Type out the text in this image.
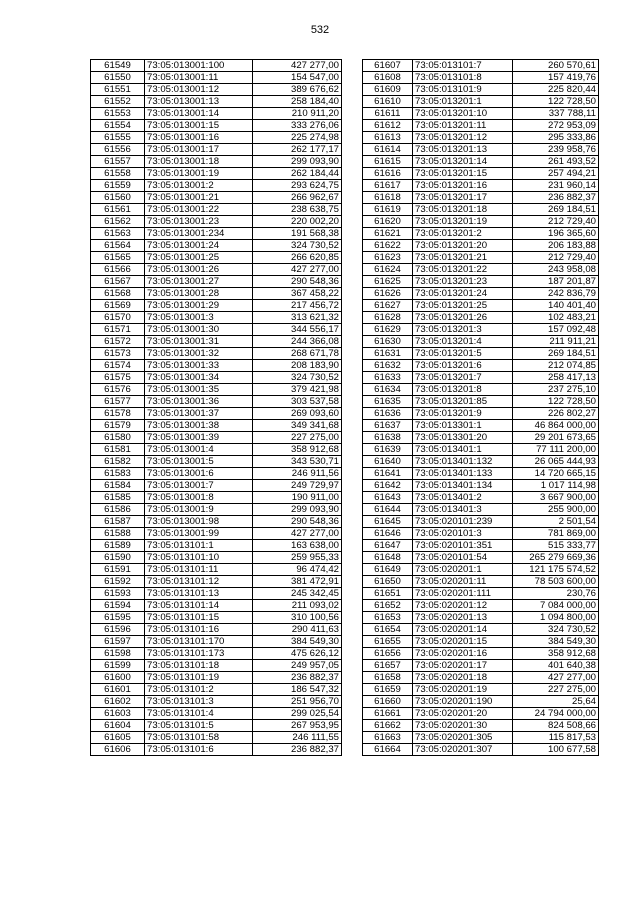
532
61549	73:05:013001:100	427 277,00
61550	73:05:013001:11	154 547,00
61551	73:05:013001:12	389 676,62
61552	73:05:013001:13	258 184,40
61553	73:05:013001:14	210 911,20
61554	73:05:013001:15	333 276,06
61555	73:05:013001:16	225 274,98
61556	73:05:013001:17	262 177,17
61557	73:05:013001:18	299 093,90
61558	73:05:013001:19	262 184,44
61559	73:05:013001:2	293 624,75
61560	73:05:013001:21	266 962,67
61561	73:05:013001:22	238 638,75
61562	73:05:013001:23	220 002,20
61563	73:05:013001:234	191 568,38
61564	73:05:013001:24	324 730,52
61565	73:05:013001:25	266 620,85
61566	73:05:013001:26	427 277,00
61567	73:05:013001:27	290 548,36
61568	73:05:013001:28	367 458,22
61569	73:05:013001:29	217 456,72
61570	73:05:013001:3	313 621,32
61571	73:05:013001:30	344 556,17
61572	73:05:013001:31	244 366,08
61573	73:05:013001:32	268 671,78
61574	73:05:013001:33	208 183,90
61575	73:05:013001:34	324 730,52
61576	73:05:013001:35	379 421,98
61577	73:05:013001:36	303 537,58
61578	73:05:013001:37	269 093,60
61579	73:05:013001:38	349 341,68
61580	73:05:013001:39	227 275,00
61581	73:05:013001:4	358 912,68
61582	73:05:013001:5	343 530,71
61583	73:05:013001:6	246 911,56
61584	73:05:013001:7	249 729,97
61585	73:05:013001:8	190 911,00
61586	73:05:013001:9	299 093,90
61587	73:05:013001:98	290 548,36
61588	73:05:013001:99	427 277,00
61589	73:05:013101:1	163 638,00
61590	73:05:013101:10	259 955,33
61591	73:05:013101:11	96 474,42
61592	73:05:013101:12	381 472,91
61593	73:05:013101:13	245 342,45
61594	73:05:013101:14	211 093,02
61595	73:05:013101:15	310 100,56
61596	73:05:013101:16	290 411,63
61597	73:05:013101:170	384 549,30
61598	73:05:013101:173	475 626,12
61599	73:05:013101:18	249 957,05
61600	73:05:013101:19	236 882,37
61601	73:05:013101:2	186 547,32
61602	73:05:013101:3	251 956,70
61603	73:05:013101:4	299 025,54
61604	73:05:013101:5	267 953,95
61605	73:05:013101:58	246 111,55
61606	73:05:013101:6	236 882,37
61607	73:05:013101:7	260 570,61
61608	73:05:013101:8	157 419,76
61609	73:05:013101:9	225 820,44
61610	73:05:013201:1	122 728,50
61611	73:05:013201:10	337 788,11
61612	73:05:013201:11	272 953,09
61613	73:05:013201:12	295 333,86
61614	73:05:013201:13	239 958,76
61615	73:05:013201:14	261 493,52
61616	73:05:013201:15	257 494,21
61617	73:05:013201:16	231 960,14
61618	73:05:013201:17	236 882,37
61619	73:05:013201:18	269 184,51
61620	73:05:013201:19	212 729,40
61621	73:05:013201:2	196 365,60
61622	73:05:013201:20	206 183,88
61623	73:05:013201:21	212 729,40
61624	73:05:013201:22	243 958,08
61625	73:05:013201:23	187 201,87
61626	73:05:013201:24	242 836,79
61627	73:05:013201:25	140 401,40
61628	73:05:013201:26	102 483,21
61629	73:05:013201:3	157 092,48
61630	73:05:013201:4	211 911,21
61631	73:05:013201:5	269 184,51
61632	73:05:013201:6	212 074,85
61633	73:05:013201:7	258 417,13
61634	73:05:013201:8	237 275,10
61635	73:05:013201:85	122 728,50
61636	73:05:013201:9	226 802,27
61637	73:05:013301:1	46 864 000,00
61638	73:05:013301:20	29 201 673,65
61639	73:05:013401:1	77 111 200,00
61640	73:05:013401:132	26 065 444,93
61641	73:05:013401:133	14 720 665,15
61642	73:05:013401:134	1 017 114,98
61643	73:05:013401:2	3 667 900,00
61644	73:05:013401:3	255 900,00
61645	73:05:020101:239	2 501,54
61646	73:05:020101:3	781 869,00
61647	73:05:020101:351	515 333,77
61648	73:05:020101:54	265 279 669,36
61649	73:05:020201:1	121 175 574,52
61650	73:05:020201:11	78 503 600,00
61651	73:05:020201:111	230,76
61652	73:05:020201:12	7 084 000,00
61653	73:05:020201:13	1 094 800,00
61654	73:05:020201:14	324 730,52
61655	73:05:020201:15	384 549,30
61656	73:05:020201:16	358 912,68
61657	73:05:020201:17	401 640,38
61658	73:05:020201:18	427 277,00
61659	73:05:020201:19	227 275,00
61660	73:05:020201:190	25,64
61661	73:05:020201:20	24 794 000,00
61662	73:05:020201:30	824 508,66
61663	73:05:020201:305	115 817,53
61664	73:05:020201:307	100 677,58
